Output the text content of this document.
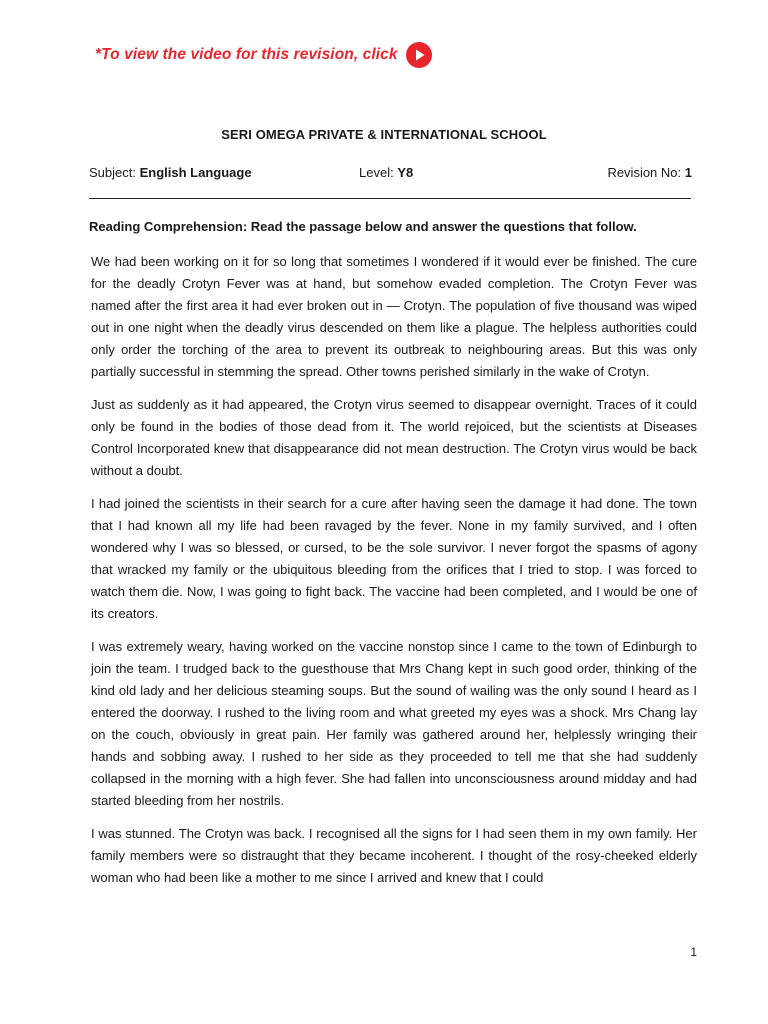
*To view the video for this revision, click
SERI OMEGA PRIVATE & INTERNATIONAL SCHOOL
Subject: English Language	Level: Y8	Revision No: 1
Reading Comprehension: Read the passage below and answer the questions that follow.

We had been working on it for so long that sometimes I wondered if it would ever be finished. The cure for the deadly Crotyn Fever was at hand, but somehow evaded completion. The Crotyn Fever was named after the first area it had ever broken out in — Crotyn. The population of five thousand was wiped out in one night when the deadly virus descended on them like a plague. The helpless authorities could only order the torching of the area to prevent its outbreak to neighbouring areas. But this was only partially successful in stemming the spread. Other towns perished similarly in the wake of Crotyn.

Just as suddenly as it had appeared, the Crotyn virus seemed to disappear overnight. Traces of it could only be found in the bodies of those dead from it. The world rejoiced, but the scientists at Diseases Control Incorporated knew that disappearance did not mean destruction. The Crotyn virus would be back without a doubt.

I had joined the scientists in their search for a cure after having seen the damage it had done. The town that I had known all my life had been ravaged by the fever. None in my family survived, and I often wondered why I was so blessed, or cursed, to be the sole survivor. I never forgot the spasms of agony that wracked my family or the ubiquitous bleeding from the orifices that I tried to stop. I was forced to watch them die. Now, I was going to fight back. The vaccine had been completed, and I would be one of its creators.

I was extremely weary, having worked on the vaccine nonstop since I came to the town of Edinburgh to join the team. I trudged back to the guesthouse that Mrs Chang kept in such good order, thinking of the kind old lady and her delicious steaming soups. But the sound of wailing was the only sound I heard as I entered the doorway. I rushed to the living room and what greeted my eyes was a shock. Mrs Chang lay on the couch, obviously in great pain. Her family was gathered around her, helplessly wringing their hands and sobbing away. I rushed to her side as they proceeded to tell me that she had suddenly collapsed in the morning with a high fever. She had fallen into unconsciousness around midday and had started bleeding from her nostrils.

I was stunned. The Crotyn was back. I recognised all the signs for I had seen them in my own family. Her family members were so distraught that they became incoherent. I thought of the rosy-cheeked elderly woman who had been like a mother to me since I arrived and knew that I could

1
